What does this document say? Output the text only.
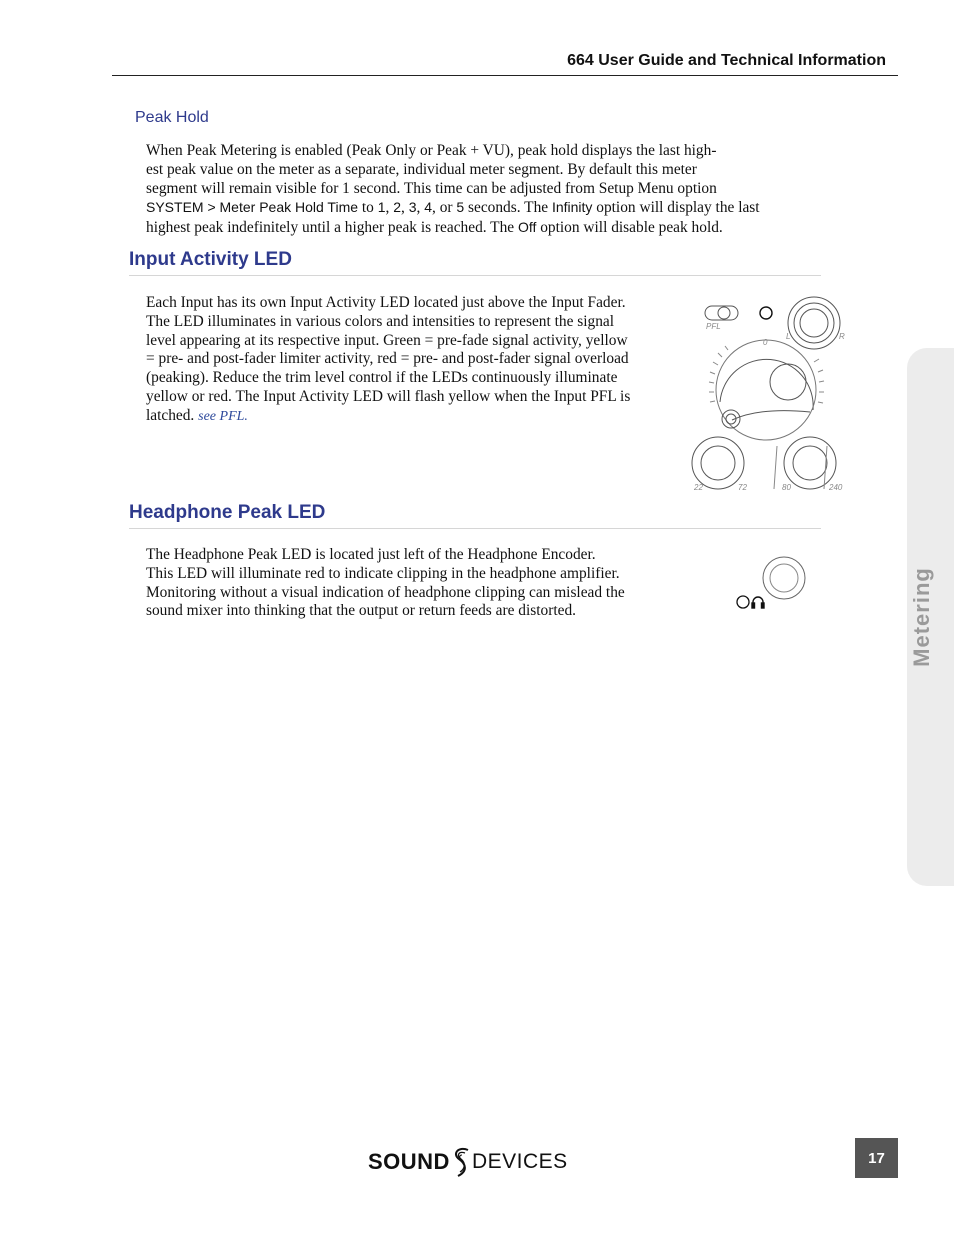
664 User Guide and Technical Information
Peak Hold
When Peak Metering is enabled (Peak Only or Peak + VU), peak hold displays the last high-
est peak value on the meter as a separate, individual meter segment. By default this meter
segment will remain visible for 1 second. This time can be adjusted from Setup Menu option
SYSTEM > Meter Peak Hold Time to 1, 2, 3, 4, or 5 seconds. The Infinity option will display the last
highest peak indefinitely until a higher peak is reached. The Off option will disable peak hold.
Input Activity LED
Each Input has its own Input Activity LED located just above the Input Fader.
The LED illuminates in various colors and intensities to represent the signal
level appearing at its respective input. Green = pre-fade signal activity, yellow
= pre- and post-fader limiter activity, red = pre- and post-fader signal overload
(peaking). Reduce the trim level control if the LEDs continuously illuminate
yellow or red. The Input Activity LED will flash yellow when the Input PFL is
latched. see PFL.
PFL
L	R
0
22	72	80	240
Headphone Peak LED
The Headphone Peak LED is located just left of the Headphone Encoder.
This LED will illuminate red to indicate clipping in the headphone amplifier.
Monitoring without a visual indication of headphone clipping can mislead the
sound mixer into thinking that the output or return feeds are distorted.	Metering
SOUND DEVICES	17
